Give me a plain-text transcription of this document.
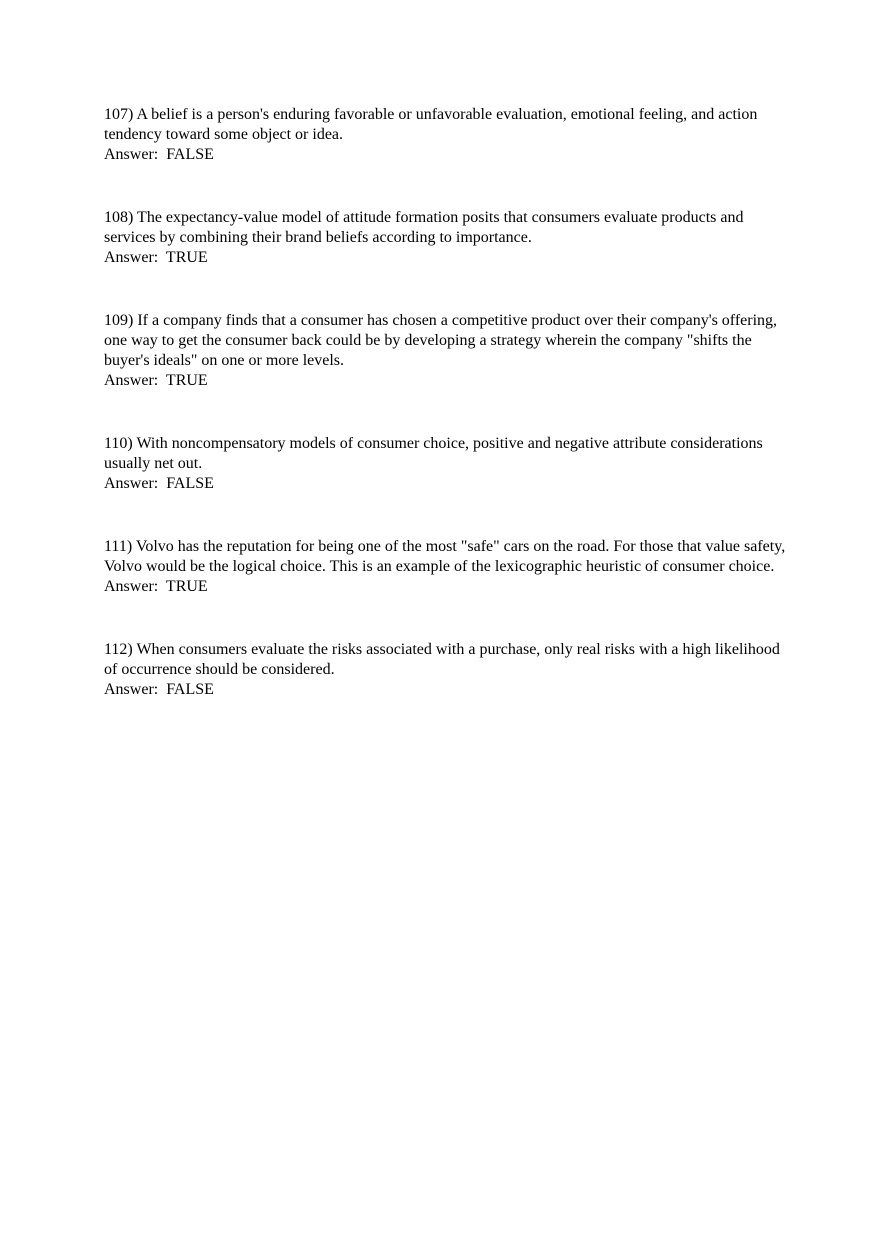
107) A belief is a person's enduring favorable or unfavorable evaluation, emotional feeling, and action tendency toward some object or idea.

Answer:  FALSE

108) The expectancy-value model of attitude formation posits that consumers evaluate products and services by combining their brand beliefs according to importance.

Answer:  TRUE

109) If a company finds that a consumer has chosen a competitive product over their company's offering, one way to get the consumer back could be by developing a strategy wherein the company "shifts the buyer's ideals" on one or more levels.

Answer:  TRUE

110) With noncompensatory models of consumer choice, positive and negative attribute considerations usually net out.

Answer:  FALSE

111) Volvo has the reputation for being one of the most "safe" cars on the road. For those that value safety, Volvo would be the logical choice. This is an example of the lexicographic heuristic of consumer choice.

Answer:  TRUE

112) When consumers evaluate the risks associated with a purchase, only real risks with a high likelihood of occurrence should be considered.

Answer:  FALSE
